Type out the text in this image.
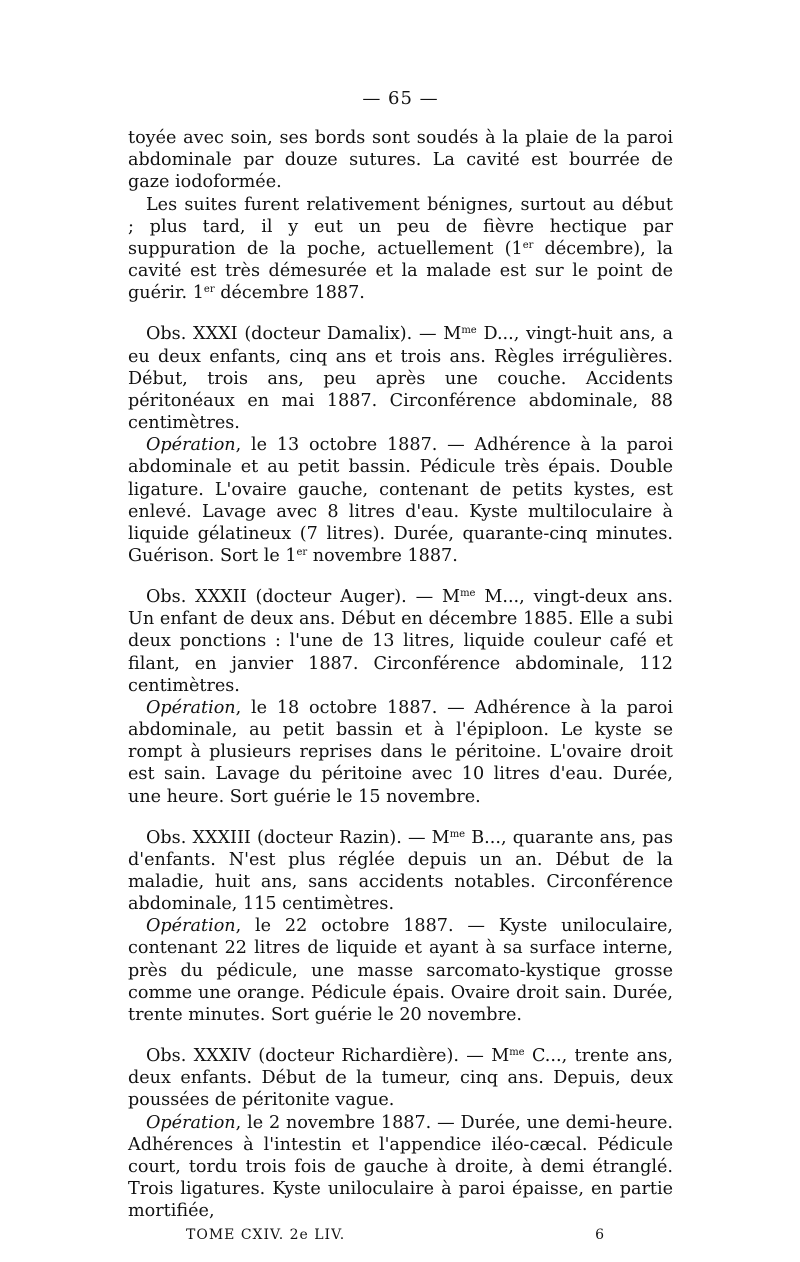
— 65 —

toyée avec soin, ses bords sont soudés à la plaie de la paroi abdominale par douze sutures. La cavité est bourrée de gaze iodoformée.

Les suites furent relativement bénignes, surtout au début ; plus tard, il y eut un peu de fièvre hectique par suppuration de la poche, actuellement (1er décembre), la cavité est très démesurée et la malade est sur le point de guérir. 1er décembre 1887.

Obs. XXXI (docteur Damalix). — $M^{me}$ D..., vingt-huit ans, a eu deux enfants, cinq ans et trois ans. Règles irrégulières. Début, trois ans, peu après une couche. Accidents péritonéaux en mai 1887. Circonférence abdominale, 88 centimètres.

Opération, le 13 octobre 1887. — Adhérence à la paroi abdominale et au petit bassin. Pédicule très épais. Double ligature. L'ovaire gauche, contenant de petits kystes, est enlevé. Lavage avec 8 litres d'eau. Kyste multiloculaire à liquide gélatineux (7 litres). Durée, quarante-cinq minutes. Guérison. Sort le 1er novembre 1887.

Obs. XXXII (docteur Auger). — $M^{me}$ M..., vingt-deux ans. Un enfant de deux ans. Début en décembre 1885. Elle a subi deux ponctions : l'une de 13 litres, liquide couleur café et filant, en janvier 1887. Circonférence abdominale, 112 centimètres.

Opération, le 18 octobre 1887. — Adhérence à la paroi abdominale, au petit bassin et à l'épiploon. Le kyste se rompt à plusieurs reprises dans le péritoine. L'ovaire droit est sain. Lavage du péritoine avec 10 litres d'eau. Durée, une heure. Sort guérie le 15 novembre.

Obs. XXXIII (docteur Razin). — $M^{me}$ B..., quarante ans, pas d'enfants. N'est plus réglée depuis un an. Début de la maladie, huit ans, sans accidents notables. Circonférence abdominale, 115 centimètres.

Opération, le 22 octobre 1887. — Kyste uniloculaire, contenant 22 litres de liquide et ayant à sa surface interne, près du pédicule, une masse sarcomato-kystique grosse comme une orange. Pédicule épais. Ovaire droit sain. Durée, trente minutes. Sort guérie le 20 novembre.

Obs. XXXIV (docteur Richardière). — $M^{me}$ C..., trente ans, deux enfants. Début de la tumeur, cinq ans. Depuis, deux poussées de péritonite vague.

Opération, le 2 novembre 1887. — Durée, une demi-heure. Adhérences à l'intestin et l'appendice iléo-cæcal. Pédicule court, tordu trois fois de gauche à droite, à demi étranglé. Trois ligatures. Kyste uniloculaire à paroi épaisse, en partie mortifiée,

TOME CXIV. 2e LIV.	6
